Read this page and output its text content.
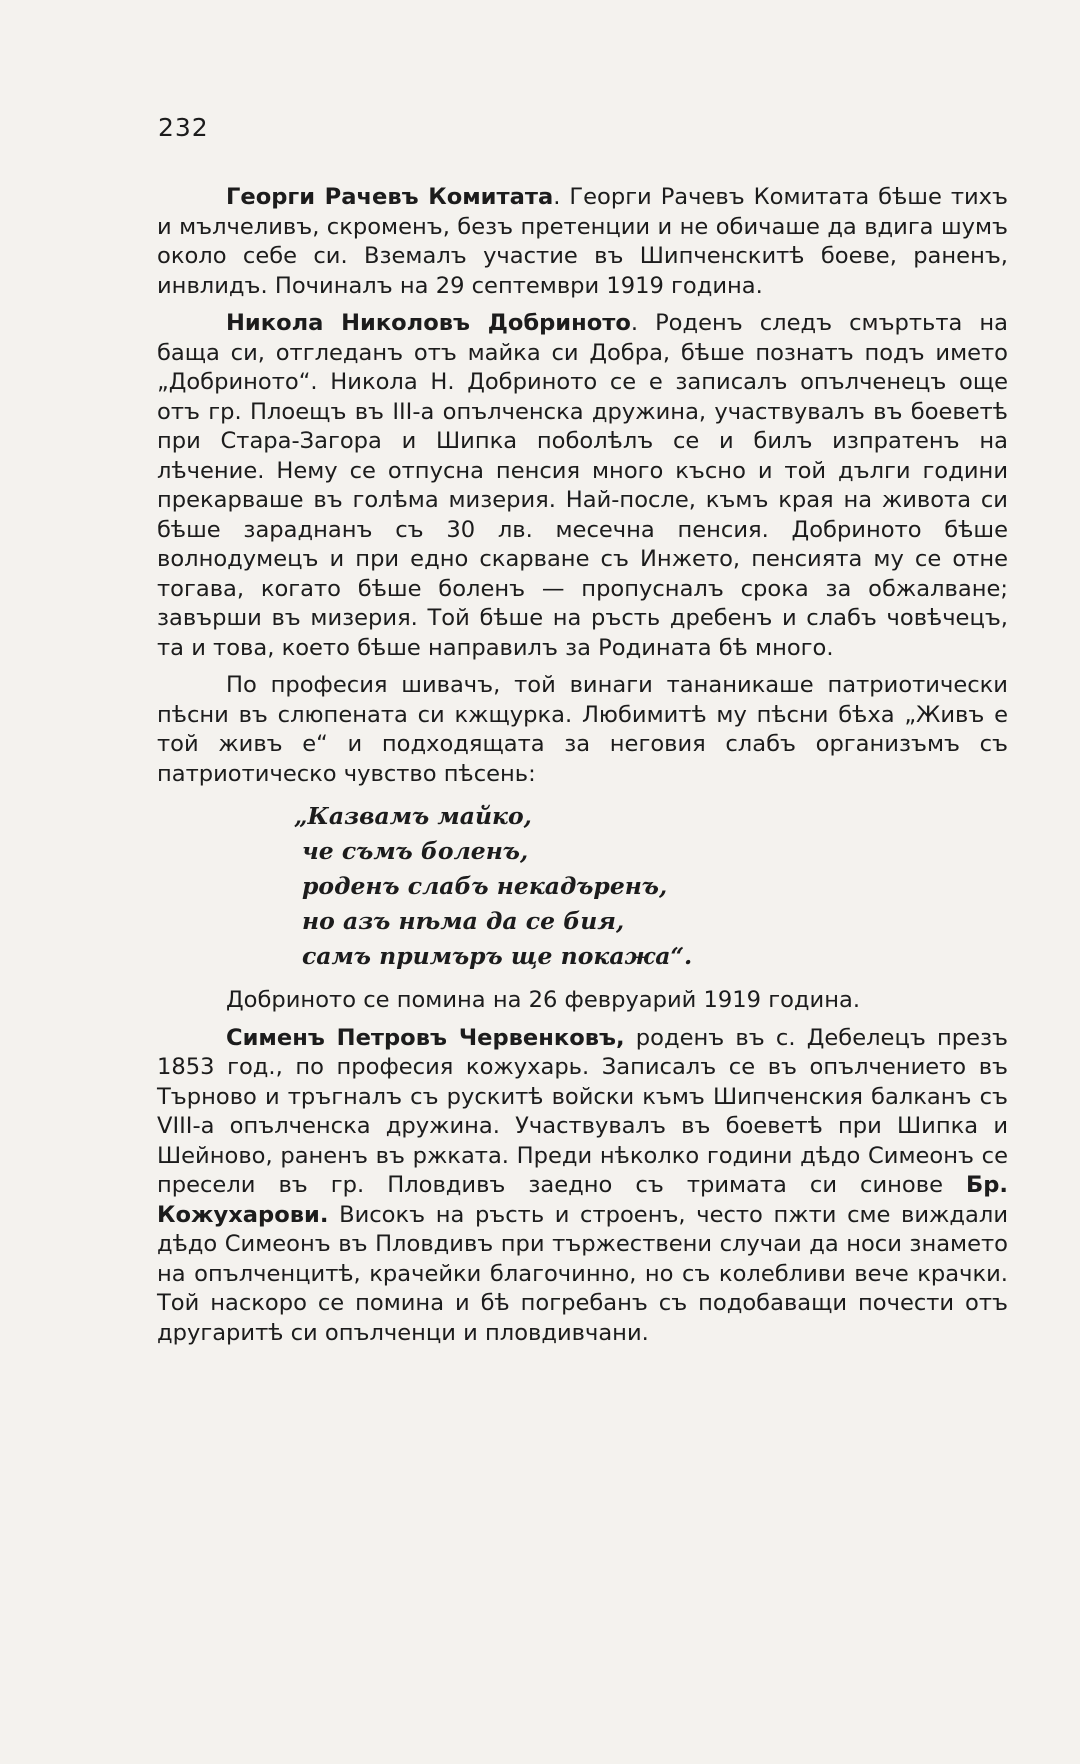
232

Георги Рачевъ Комитата. Георги Рачевъ Комитата бѣше тихъ и мълчеливъ, скроменъ, безъ претенции и не обичаше да вдига шумъ около себе си. Вземалъ участие въ Шипченскитѣ боеве, раненъ, инвлидъ. Починалъ на 29 септември 1919 година.

Никола Николовъ Добриното. Роденъ следъ смъртьта на баща си, отгледанъ отъ майка си Добра, бѣше познатъ подъ името „Добриното“. Никола Н. Добриното се е записалъ опълченецъ още отъ гр. Плоещъ въ III-а опълченска дружина, участвувалъ въ боеветѣ при Стара-Загора и Шипка поболѣлъ се и билъ изпратенъ на лѣчение. Нему се отпусна пенсия много късно и той дълги години прекарваше въ голѣма мизерия. Най-после, къмъ края на живота си бѣше зараднанъ съ 30 лв. месечна пенсия. Добриното бѣше волнодумецъ и при едно скарване съ Инжето, пенсията му се отне тогава, когато бѣше боленъ — пропусналъ срока за обжалване; завърши въ мизерия. Той бѣше на ръсть дребенъ и слабъ човѣчецъ, та и това, което бѣше направилъ за Родината бѣ много.

По професия шивачъ, той винаги тананикаше патриотически пѣсни въ слюпената си кжщурка. Любимитѣ му пѣсни бѣха „Живъ е той живъ е“ и подходящата за неговия слабъ организъмъ съ патриотическо чувство пѣсень:

„Казвамъ майко,
че съмъ боленъ,
роденъ слабъ некадъренъ,
но азъ нѣма да се бия,
самъ примъръ ще покажа“.

Добриното се помина на 26 февруарий 1919 година.

Сименъ Петровъ Червенковъ, роденъ въ с. Дебелецъ презъ 1853 год., по професия кожухарь. Записалъ се въ опълчението въ Търново и тръгналъ съ рускитѣ войски къмъ Шипченския балканъ съ VIII-а опълченска дружина. Участвувалъ въ боеветѣ при Шипка и Шейново, раненъ въ ржката. Преди нѣколко години дѣдо Симеонъ се пресели въ гр. Пловдивъ заедно съ тримата си синове Бр. Кожухарови. Високъ на ръсть и строенъ, често пжти сме виждали дѣдо Симеонъ въ Пловдивъ при тържествени случаи да носи знамето на опълченцитѣ, крачейки благочинно, но съ колебливи вече крачки. Той наскоро се помина и бѣ погребанъ съ подобаващи почести отъ другаритѣ си опълченци и пловдивчани.
